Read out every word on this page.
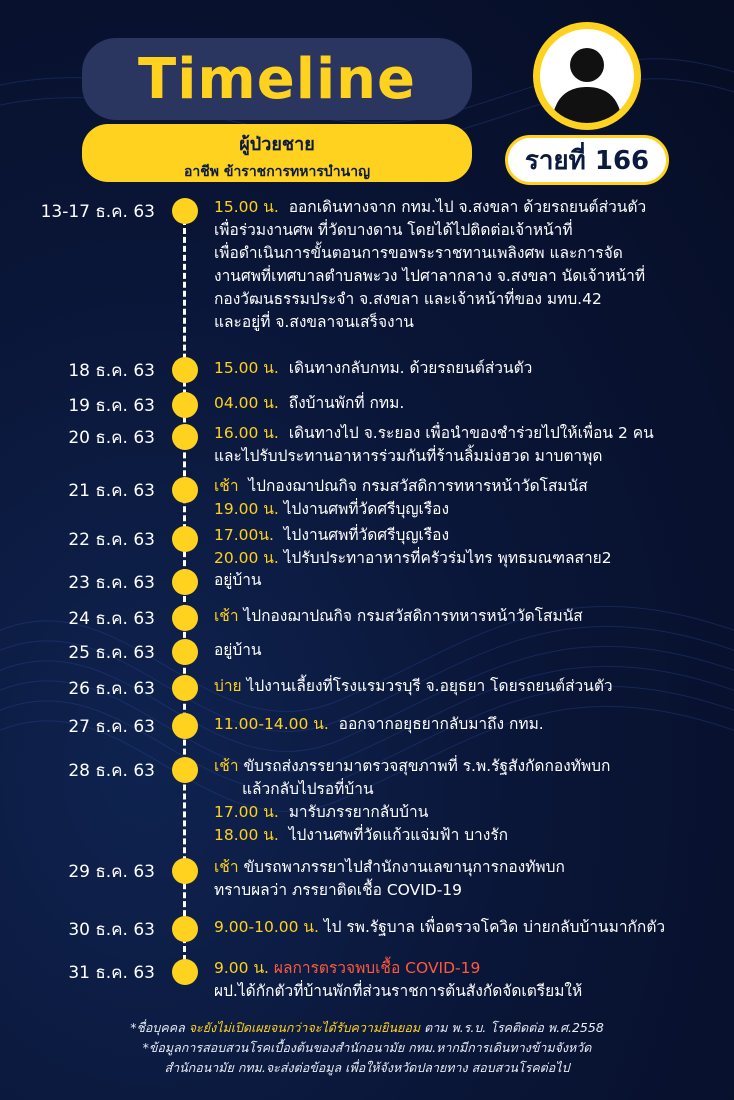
Timeline
ผู้ป่วยชาย
อาชีพ ข้าราชการทหารบำนาญ	รายที่ 166
13-17 ธ.ค. 63	15.00 น. ออกเดินทางจาก กทม.ไป จ.สงขลา ด้วยรถยนต์ส่วนตัว
เพื่อร่วมงานศพ ที่วัดบางดาน โดยได้ไปติดต่อเจ้าหน้าที่
เพื่อดำเนินการขั้นตอนการขอพระราชทานเพลิงศพ และการจัด
งานศพที่เทศบาลตำบลพะวง ไปศาลากลาง จ.สงขลา นัดเจ้าหน้าที่
กองวัฒนธรรมประจำ จ.สงขลา และเจ้าหน้าที่ของ มทบ.42
และอยู่ที่ จ.สงขลาจนเสร็จงาน
18 ธ.ค. 63	15.00 น. เดินทางกลับกทม. ด้วยรถยนต์ส่วนตัว
19 ธ.ค. 63	04.00 น. ถึงบ้านพักที่ กทม.
20 ธ.ค. 63	16.00 น. เดินทางไป จ.ระยอง เพื่อนำของชำร่วยไปให้เพื่อน 2 คน
และไปรับประทานอาหารร่วมกันที่ร้านลิ้มม่งฮวด มาบตาพุด
21 ธ.ค. 63	เช้า ไปกองฌาปณกิจ กรมสวัสดิการทหารหน้าวัดโสมนัส
19.00 น. ไปงานศพที่วัดศรีบุญเรือง
22 ธ.ค. 63	17.00น. ไปงานศพที่วัดศรีบุญเรือง
20.00 น. ไปรับประทาอาหารที่ครัวร่มไทร พุทธมณฑลสาย2
23 ธ.ค. 63	อยู่บ้าน
24 ธ.ค. 63	เช้า ไปกองฌาปณกิจ กรมสวัสดิการทหารหน้าวัดโสมนัส
25 ธ.ค. 63	อยู่บ้าน
26 ธ.ค. 63	บ่าย ไปงานเลี้ยงที่โรงแรมวรบุรี จ.อยุธยา โดยรถยนต์ส่วนตัว
27 ธ.ค. 63	11.00-14.00 น. ออกจากอยุธยากลับมาถึง กทม.
28 ธ.ค. 63	เช้า ขับรถส่งภรรยามาตรวจสุขภาพที่ ร.พ.รัฐสังกัดกองทัพบก
แล้วกลับไปรอที่บ้าน
17.00 น. มารับภรรยากลับบ้าน
18.00 น. ไปงานศพที่วัดแก้วแจ่มฟ้า บางรัก
29 ธ.ค. 63	เช้า ขับรถพาภรรยาไปสำนักงานเลขานุการกองทัพบก
ทราบผลว่า ภรรยาติดเชื้อ COVID-19
30 ธ.ค. 63	9.00-10.00 น. ไป รพ.รัฐบาล เพื่อตรวจโควิด บ่ายกลับบ้านมากักตัว
31 ธ.ค. 63	9.00 น. ผลการตรวจพบเชื้อ COVID-19
ผป.ได้กักตัวที่บ้านพักที่ส่วนราชการต้นสังกัดจัดเตรียมให้
*ชื่อบุคคล จะยังไม่เปิดเผยจนกว่าจะได้รับความยินยอม ตาม พ.ร.บ. โรคติดต่อ พ.ศ.2558
*ข้อมูลการสอบสวนโรคเบื้องต้นของสำนักอนามัย กทม.หากมีการเดินทางข้ามจังหวัด
สำนักอนามัย กทม.จะส่งต่อข้อมูล เพื่อให้จังหวัดปลายทาง สอบสวนโรคต่อไป
